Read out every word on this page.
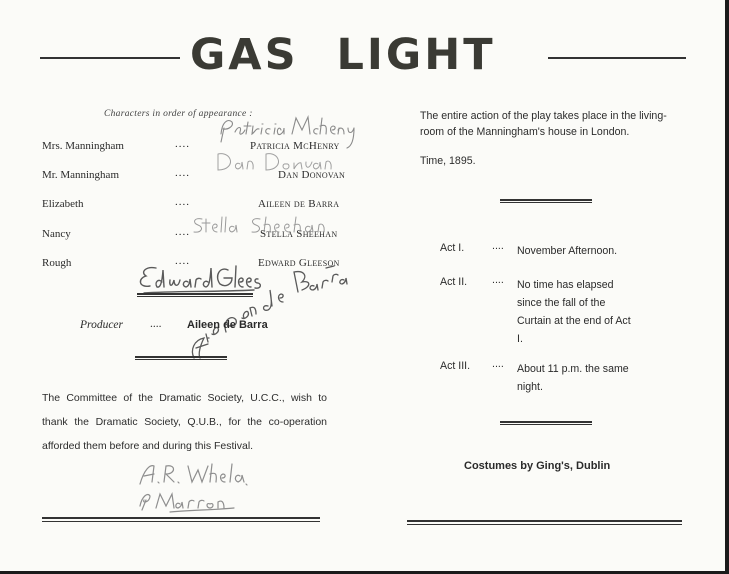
GAS LIGHT
Characters in order of appearance :
Mrs. Manningham	....	Patricia McHenry
Mr. Manningham	....	Dan Donovan
Elizabeth	....	Aileen de Barra
Nancy	....	Stella Sheehan
Rough	....	Edward Gleeson
Producer .... Aileen de Barra
The Committee of the Dramatic Society, U.C.C., wish to thank the Dramatic Society, Q.U.B., for the co-operation afforded them before and during this Festival.
The entire action of the play takes place in the living-room of the Manningham's house in London.
Time, 1895.
Act I.	.... November Afternoon.
Act II. .... No time has elapsed since the fall of the Curtain at the end of Act I.
Act III. .... About 11 p.m. the same night.
Costumes by Ging's, Dublin
